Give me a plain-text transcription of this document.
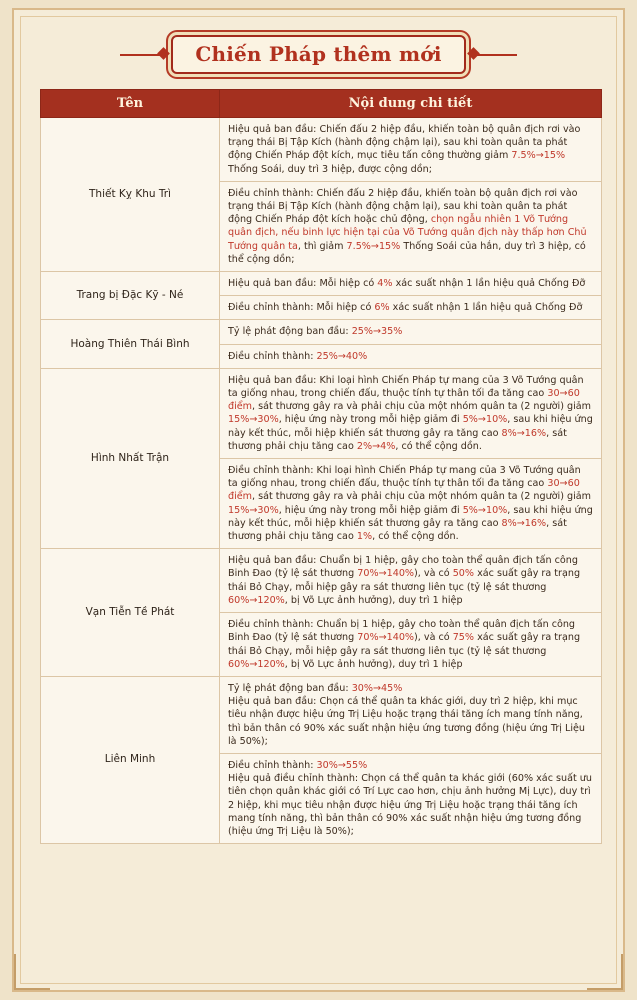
Chiến Pháp thêm mới
Tên	Nội dung chi tiết
Thiết Kỵ Khu Trì	Hiệu quả ban đầu: Chiến đấu 2 hiệp đầu, khiến toàn bộ quân địch rơi vào trạng thái Bị Tập Kích (hành động chậm lại), sau khi toàn quân ta phát động Chiến Pháp đột kích, mục tiêu tấn công thường giảm 7.5%→15% Thống Soái, duy trì 3 hiệp, được cộng dồn;
	Điều chỉnh thành: Chiến đấu 2 hiệp đầu, khiến toàn bộ quân địch rơi vào trạng thái Bị Tập Kích (hành động chậm lại), sau khi toàn quân ta phát động Chiến Pháp đột kích hoặc chủ động, chọn ngẫu nhiên 1 Võ Tướng quân địch, nếu binh lực hiện tại của Võ Tướng quân địch này thấp hơn Chủ Tướng quân ta, thì giảm 7.5%→15% Thống Soái của hắn, duy trì 3 hiệp, có thể cộng dồn;
Trang bị Đặc Kỹ - Né	Hiệu quả ban đầu: Mỗi hiệp có 4% xác suất nhận 1 lần hiệu quả Chống Đỡ
	Điều chỉnh thành: Mỗi hiệp có 6% xác suất nhận 1 lần hiệu quả Chống Đỡ
Hoàng Thiên Thái Bình	Tỷ lệ phát động ban đầu: 25%→35%
	Điều chỉnh thành: 25%→40%
Hình Nhất Trận	Hiệu quả ban đầu: Khi loại hình Chiến Pháp tự mang của 3 Võ Tướng quân ta giống nhau, trong chiến đấu, thuộc tính tự thân tối đa tăng cao 30→60 điểm, sát thương gây ra và phải chịu của một nhóm quân ta (2 người) giảm 15%→30%, hiệu ứng này trong mỗi hiệp giảm đi 5%→10%, sau khi hiệu ứng này kết thúc, mỗi hiệp khiến sát thương gây ra tăng cao 8%→16%, sát thương phải chịu tăng cao 2%→4%, có thể cộng dồn.
	Điều chỉnh thành: Khi loại hình Chiến Pháp tự mang của 3 Võ Tướng quân ta giống nhau, trong chiến đấu, thuộc tính tự thân tối đa tăng cao 30→60 điểm, sát thương gây ra và phải chịu của một nhóm quân ta (2 người) giảm 15%→30%, hiệu ứng này trong mỗi hiệp giảm đi 5%→10%, sau khi hiệu ứng này kết thúc, mỗi hiệp khiến sát thương gây ra tăng cao 8%→16%, sát thương phải chịu tăng cao 1%, có thể cộng dồn.
Vạn Tiễn Tề Phát	Hiệu quả ban đầu: Chuẩn bị 1 hiệp, gây cho toàn thể quân địch tấn công Binh Đao (tỷ lệ sát thương 70%→140%), và có 50% xác suất gây ra trạng thái Bỏ Chạy, mỗi hiệp gây ra sát thương liên tục (tỷ lệ sát thương 60%→120%, bị Võ Lực ảnh hưởng), duy trì 1 hiệp
	Điều chỉnh thành: Chuẩn bị 1 hiệp, gây cho toàn thể quân địch tấn công Binh Đao (tỷ lệ sát thương 70%→140%), và có 75% xác suất gây ra trạng thái Bỏ Chạy, mỗi hiệp gây ra sát thương liên tục (tỷ lệ sát thương 60%→120%, bị Võ Lực ảnh hưởng), duy trì 1 hiệp
Liên Minh	Tỷ lệ phát động ban đầu: 30%→45%
Hiệu quả ban đầu: Chọn cá thể quân ta khác giới, duy trì 2 hiệp, khi mục tiêu nhận được hiệu ứng Trị Liệu hoặc trạng thái tăng ích mang tính năng, thì bản thân có 90% xác suất nhận hiệu ứng tương đồng (hiệu ứng Trị Liệu là 50%);
	Điều chỉnh thành: 30%→55%
Hiệu quả điều chỉnh thành: Chọn cá thể quân ta khác giới (60% xác suất ưu tiên chọn quân khác giới có Trí Lực cao hơn, chịu ảnh hưởng Mị Lực), duy trì 2 hiệp, khi mục tiêu nhận được hiệu ứng Trị Liệu hoặc trạng thái tăng ích mang tính năng, thì bản thân có 90% xác suất nhận hiệu ứng tương đồng (hiệu ứng Trị Liệu là 50%);
